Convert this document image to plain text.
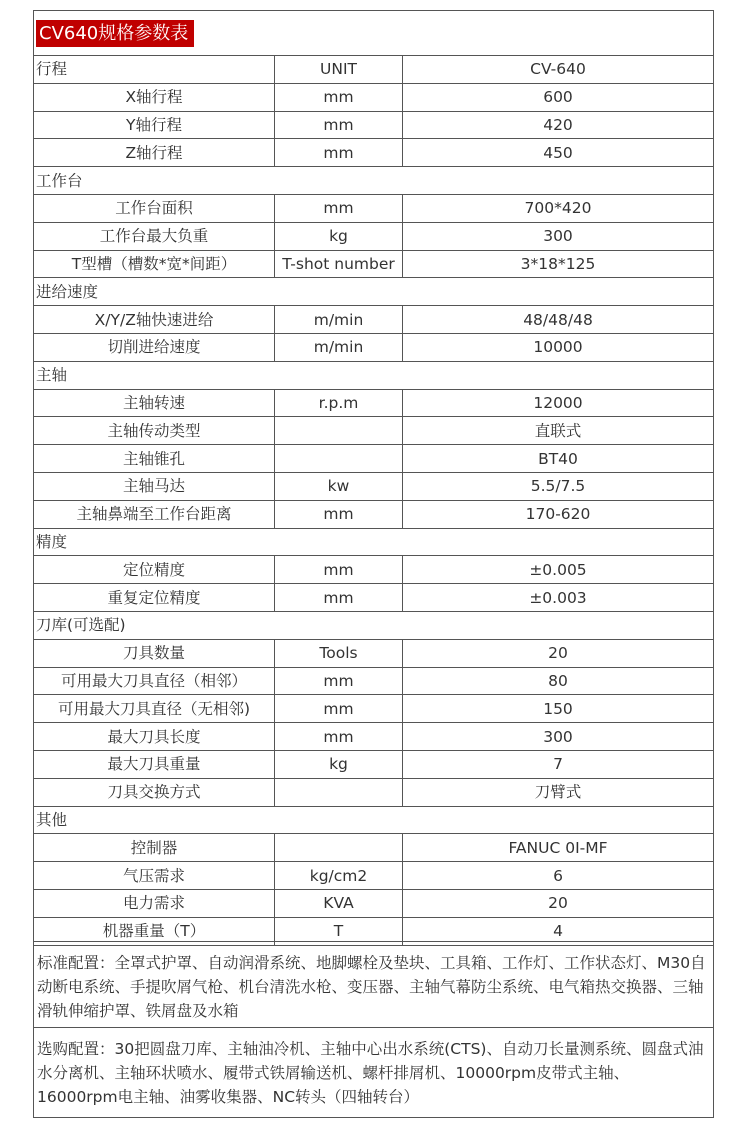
CV640规格参数表
行程	UNIT	CV-640
X轴行程	mm	600
Y轴行程	mm	420
Z轴行程	mm	450
工作台		
工作台面积	mm	700*420
工作台最大负重	kg	300
T型槽（槽数*宽*间距）	T-shot number	3*18*125
进给速度		
X/Y/Z轴快速进给	m/min	48/48/48
切削进给速度	m/min	10000
主轴		
主轴转速	r.p.m	12000
主轴传动类型		直联式
主轴锥孔		BT40
主轴马达	kw	5.5/7.5
主轴鼻端至工作台距离	mm	170-620
精度		
定位精度	mm	±0.005
重复定位精度	mm	±0.003
刀库(可选配)		
刀具数量	Tools	20
可用最大刀具直径（相邻）	mm	80
可用最大刀具直径（无相邻)	mm	150
最大刀具长度	mm	300
最大刀具重量	kg	7
刀具交换方式		刀臂式
其他		
控制器		FANUC 0I-MF
气压需求	kg/cm2	6
电力需求	KVA	20
机器重量（T）	T	4
标准配置：全罩式护罩、自动润滑系统、地脚螺栓及垫块、工具箱、工作灯、工作状态灯、M30自动断电系统、手提吹屑气枪、机台清洗水枪、变压器、主轴气幕防尘系统、电气箱热交换器、三轴滑轨伸缩护罩、铁屑盘及水箱
选购配置：30把圆盘刀库、主轴油冷机、主轴中心出水系统(CTS)、自动刀长量测系统、圆盘式油水分离机、主轴环状喷水、履带式铁屑输送机、螺杆排屑机、10000rpm皮带式主轴、16000rpm电主轴、油雾收集器、NC转头（四轴转台）
